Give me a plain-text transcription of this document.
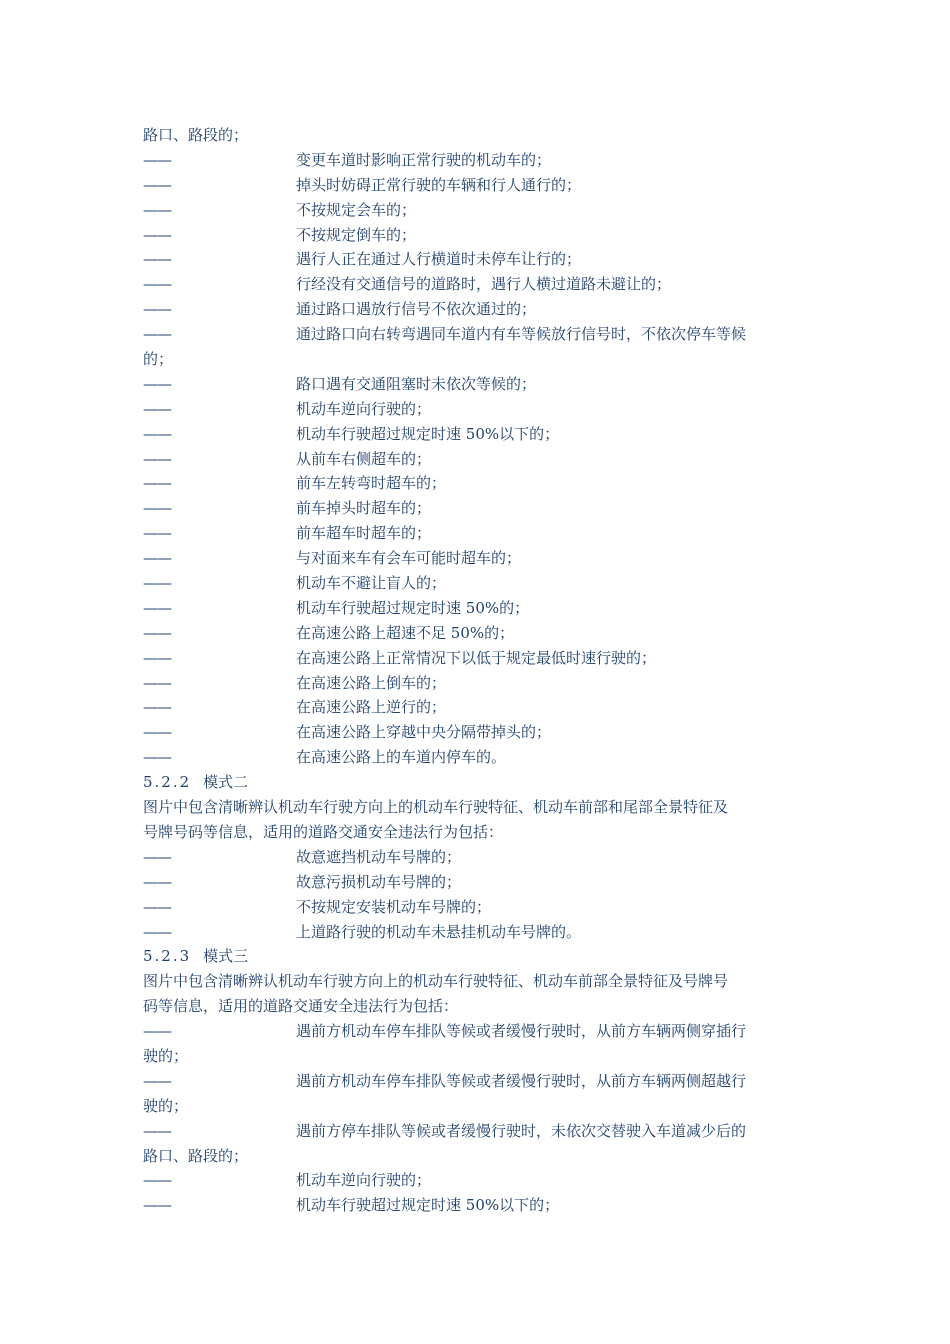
路口、路段的；
——	变更车道时影响正常行驶的机动车的；
——	掉头时妨碍正常行驶的车辆和行人通行的；
——	不按规定会车的；
——	不按规定倒车的；
——	遇行人正在通过人行横道时未停车让行的；
——	行经没有交通信号的道路时，遇行人横过道路未避让的；
——	通过路口遇放行信号不依次通过的；
——	通过路口向右转弯遇同车道内有车等候放行信号时，不依次停车等候
的；
——	路口遇有交通阻塞时未依次等候的；
——	机动车逆向行驶的；
——	机动车行驶超过规定时速 50%以下的；
——	从前车右侧超车的；
——	前车左转弯时超车的；
——	前车掉头时超车的；
——	前车超车时超车的；
——	与对面来车有会车可能时超车的；
——	机动车不避让盲人的；
——	机动车行驶超过规定时速 50%的；
——	在高速公路上超速不足 50%的；
——	在高速公路上正常情况下以低于规定最低时速行驶的；
——	在高速公路上倒车的；
——	在高速公路上逆行的；
——	在高速公路上穿越中央分隔带掉头的；
——	在高速公路上的车道内停车的。
5.2.2 模式二
图片中包含清晰辨认机动车行驶方向上的机动车行驶特征、机动车前部和尾部全景特征及
号牌号码等信息，适用的道路交通安全违法行为包括：
——	故意遮挡机动车号牌的；
——	故意污损机动车号牌的；
——	不按规定安装机动车号牌的；
——	上道路行驶的机动车未悬挂机动车号牌的。
5.2.3 模式三
图片中包含清晰辨认机动车行驶方向上的机动车行驶特征、机动车前部全景特征及号牌号
码等信息，适用的道路交通安全违法行为包括：
——	遇前方机动车停车排队等候或者缓慢行驶时，从前方车辆两侧穿插行
驶的；
——	遇前方机动车停车排队等候或者缓慢行驶时，从前方车辆两侧超越行
驶的；
——	遇前方停车排队等候或者缓慢行驶时，未依次交替驶入车道减少后的
路口、路段的；
——	机动车逆向行驶的；
——	机动车行驶超过规定时速 50%以下的；
